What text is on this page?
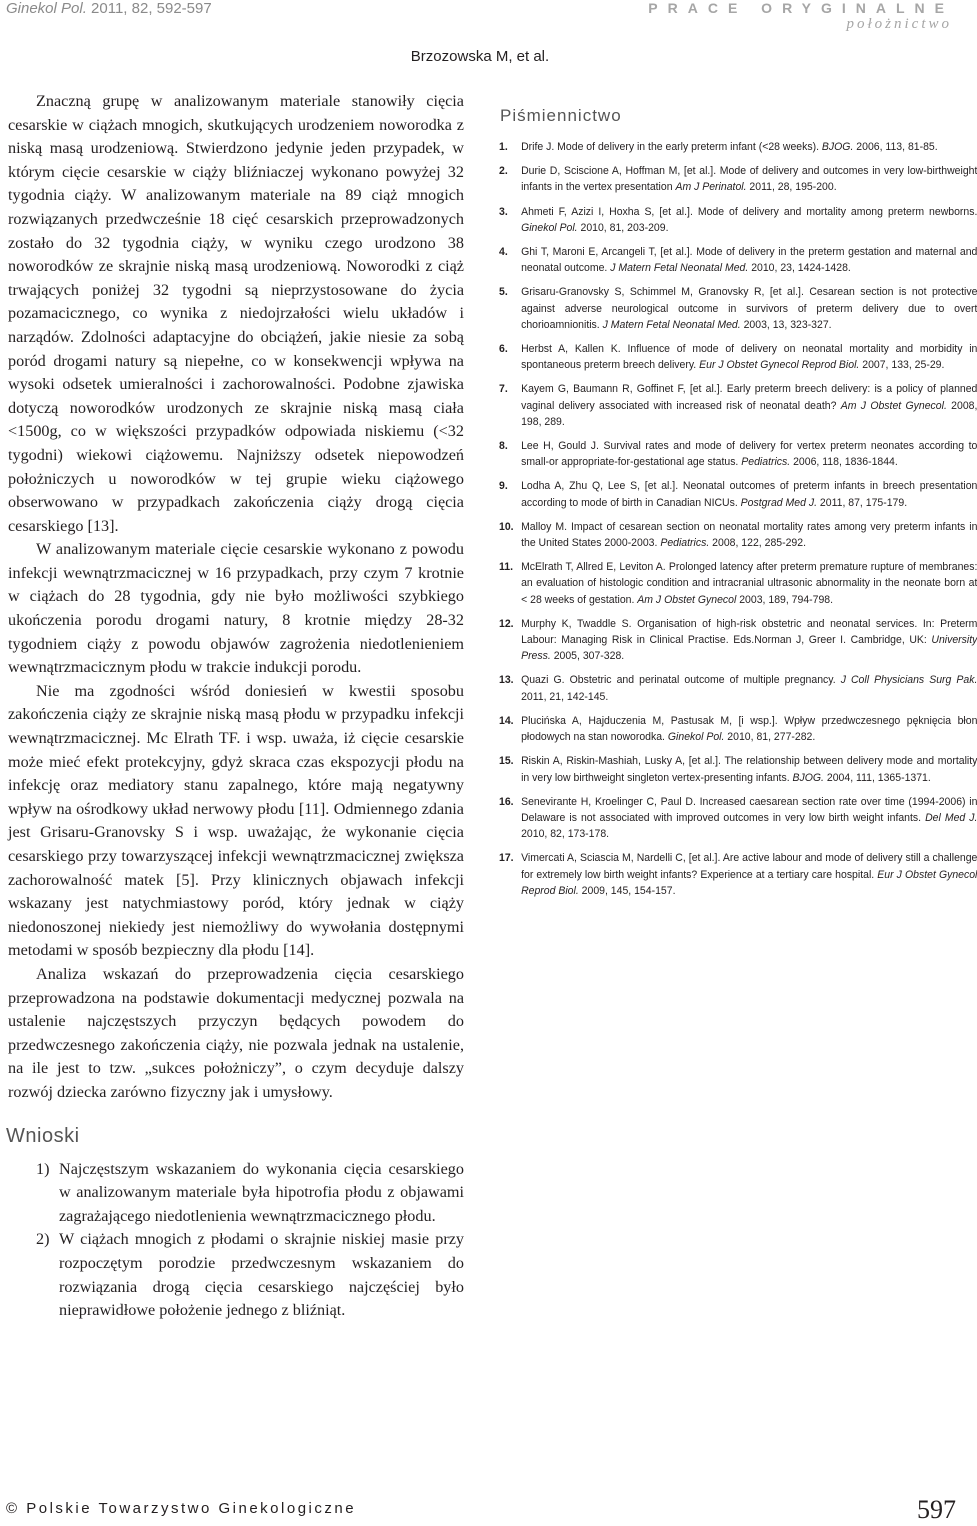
Ginekol Pol. 2011, 82, 592-597	PRACE ORYGINALNE
położnictwo
Brzozowska M, et al.

Znaczną grupę w analizowanym materiale stanowiły cięcia cesarskie w ciążach mnogich, skutkujących urodzeniem noworodka z niską masą urodzeniową. Stwierdzono jedynie jeden przypadek, w którym cięcie cesarskie w ciąży bliźniaczej wykonano powyżej 32 tygodnia ciąży. W analizowanym materiale na 89 ciąż mnogich rozwiązanych przedwcześnie 18 cięć cesarskich przeprowadzonych zostało do 32 tygodnia ciąży, w wyniku czego urodzono 38 noworodków ze skrajnie niską masą urodzeniową. Noworodki z ciąż trwających poniżej 32 tygodni są nieprzystosowane do życia pozamacicznego, co wynika z niedojrzałości wielu układów i narządów. Zdolności adaptacyjne do obciążeń, jakie niesie za sobą poród drogami natury są niepełne, co w konsekwencji wpływa na wysoki odsetek umieralności i zachorowalności. Podobne zjawiska dotyczą noworodków urodzonych ze skrajnie niską masą ciała <1500g, co w większości przypadków odpowiada niskiemu (<32 tygodni) wiekowi ciążowemu. Najniższy odsetek niepowodzeń położniczych u noworodków w tej grupie wieku ciążowego obserwowano w przypadkach zakończenia ciąży drogą cięcia cesarskiego [13].

W analizowanym materiale cięcie cesarskie wykonano z powodu infekcji wewnątrzmacicznej w 16 przypadkach, przy czym 7 krotnie w ciążach do 28 tygodnia, gdy nie było możliwości szybkiego ukończenia porodu drogami natury, 8 krotnie między 28-32 tygodniem ciąży z powodu objawów zagrożenia niedotlenieniem wewnątrzmacicznym płodu w trakcie indukcji porodu.

Nie ma zgodności wśród doniesień w kwestii sposobu zakończenia ciąży ze skrajnie niską masą płodu w przypadku infekcji wewnątrzmacicznej. Mc Elrath TF. i wsp. uważa, iż cięcie cesarskie może mieć efekt protekcyjny, gdyż skraca czas ekspozycji płodu na infekcję oraz mediatory stanu zapalnego, które mają negatywny wpływ na ośrodkowy układ nerwowy płodu [11]. Odmiennego zdania jest Grisaru-Granovsky S i wsp. uważając, że wykonanie cięcia cesarskiego przy towarzyszącej infekcji wewnątrzmacicznej zwiększa zachorowalność matek [5]. Przy klinicznych objawach infekcji wskazany jest natychmiastowy poród, który jednak w ciąży niedonoszonej niekiedy jest niemożliwy do wywołania dostępnymi metodami w sposób bezpieczny dla płodu [14].

Analiza wskazań do przeprowadzenia cięcia cesarskiego przeprowadzona na podstawie dokumentacji medycznej pozwala na ustalenie najczęstszych przyczyn będących powodem do przedwczesnego zakończenia ciąży, nie pozwala jednak na ustalenie, na ile jest to tzw. „sukces położniczy”, o czym decyduje dalszy rozwój dziecka zarówno fizyczny jak i umysłowy.

Wnioski
1) Najczęstszym wskazaniem do wykonania cięcia cesarskiego w analizowanym materiale była hipotrofia płodu z objawami zagrażającego niedotlenienia wewnątrzmacicznego płodu.
2) W ciążach mnogich z płodami o skrajnie niskiej masie przy rozpoczętym porodzie przedwczesnym wskazaniem do rozwiązania drogą cięcia cesarskiego najczęściej było nieprawidłowe położenie jednego z bliźniąt.
Piśmiennictwo
1. Drife J. Mode of delivery in the early preterm infant (<28 weeks). BJOG. 2006, 113, 81-85.
2. Durie D, Sciscione A, Hoffman M, [et al.]. Mode of delivery and outcomes in very low-birthweight infants in the vertex presentation Am J Perinatol. 2011, 28, 195-200.
3. Ahmeti F, Azizi I, Hoxha S, [et al.]. Mode of delivery and mortality among preterm newborns. Ginekol Pol. 2010, 81, 203-209.
4. Ghi T, Maroni E, Arcangeli T, [et al.]. Mode of delivery in the preterm gestation and maternal and neonatal outcome. J Matern Fetal Neonatal Med. 2010, 23, 1424-1428.
5. Grisaru-Granovsky S, Schimmel M, Granovsky R, [et al.]. Cesarean section is not protective against adverse neurological outcome in survivors of preterm delivery due to overt chorioamnionitis. J Matern Fetal Neonatal Med. 2003, 13, 323-327.
6. Herbst A, Kallen K. Influence of mode of delivery on neonatal mortality and morbidity in spontaneous preterm breech delivery. Eur J Obstet Gynecol Reprod Biol. 2007, 133, 25-29.
7. Kayem G, Baumann R, Goffinet F, [et al.]. Early preterm breech delivery: is a policy of planned vaginal delivery associated with increased risk of neonatal death? Am J Obstet Gynecol. 2008, 198, 289.
8. Lee H, Gould J. Survival rates and mode of delivery for vertex preterm neonates according to small-or appropriate-for-gestational age status. Pediatrics. 2006, 118, 1836-1844.
9. Lodha A, Zhu Q, Lee S, [et al.]. Neonatal outcomes of preterm infants in breech presentation according to mode of birth in Canadian NICUs. Postgrad Med J. 2011, 87, 175-179.
10. Malloy M. Impact of cesarean section on neonatal mortality rates among very preterm infants in the United States 2000-2003. Pediatrics. 2008, 122, 285-292.
11. McElrath T, Allred E, Leviton A. Prolonged latency after preterm premature rupture of membranes: an evaluation of histologic condition and intracranial ultrasonic abnormality in the neonate born at < 28 weeks of gestation. Am J Obstet Gynecol 2003, 189, 794-798.
12. Murphy K, Twaddle S. Organisation of high-risk obstetric and neonatal services. In: Preterm Labour: Managing Risk in Clinical Practise. Eds.Norman J, Greer I. Cambridge, UK: University Press. 2005, 307-328.
13. Quazi G. Obstetric and perinatal outcome of multiple pregnancy. J Coll Physicians Surg Pak. 2011, 21, 142-145.
14. Plucińska A, Hajduczenia M, Pastusak M, [i wsp.]. Wpływ przedwczesnego pęknięcia błon płodowych na stan noworodka. Ginekol Pol. 2010, 81, 277-282.
15. Riskin A, Riskin-Mashiah, Lusky A, [et al.]. The relationship between delivery mode and mortality in very low birthweight singleton vertex-presenting infants. BJOG. 2004, 111, 1365-1371.
16. Senevirante H, Kroelinger C, Paul D. Increased caesarean section rate over time (1994-2006) in Delaware is not associated with improved outcomes in very low birth weight infants. Del Med J. 2010, 82, 173-178.
17. Vimercati A, Sciascia M, Nardelli C, [et al.]. Are active labour and mode of delivery still a challenge for extremely low birth weight infants? Experience at a tertiary care hospital. Eur J Obstet Gynecol Reprod Biol. 2009, 145, 154-157.
© Polskie Towarzystwo Ginekologiczne	597
